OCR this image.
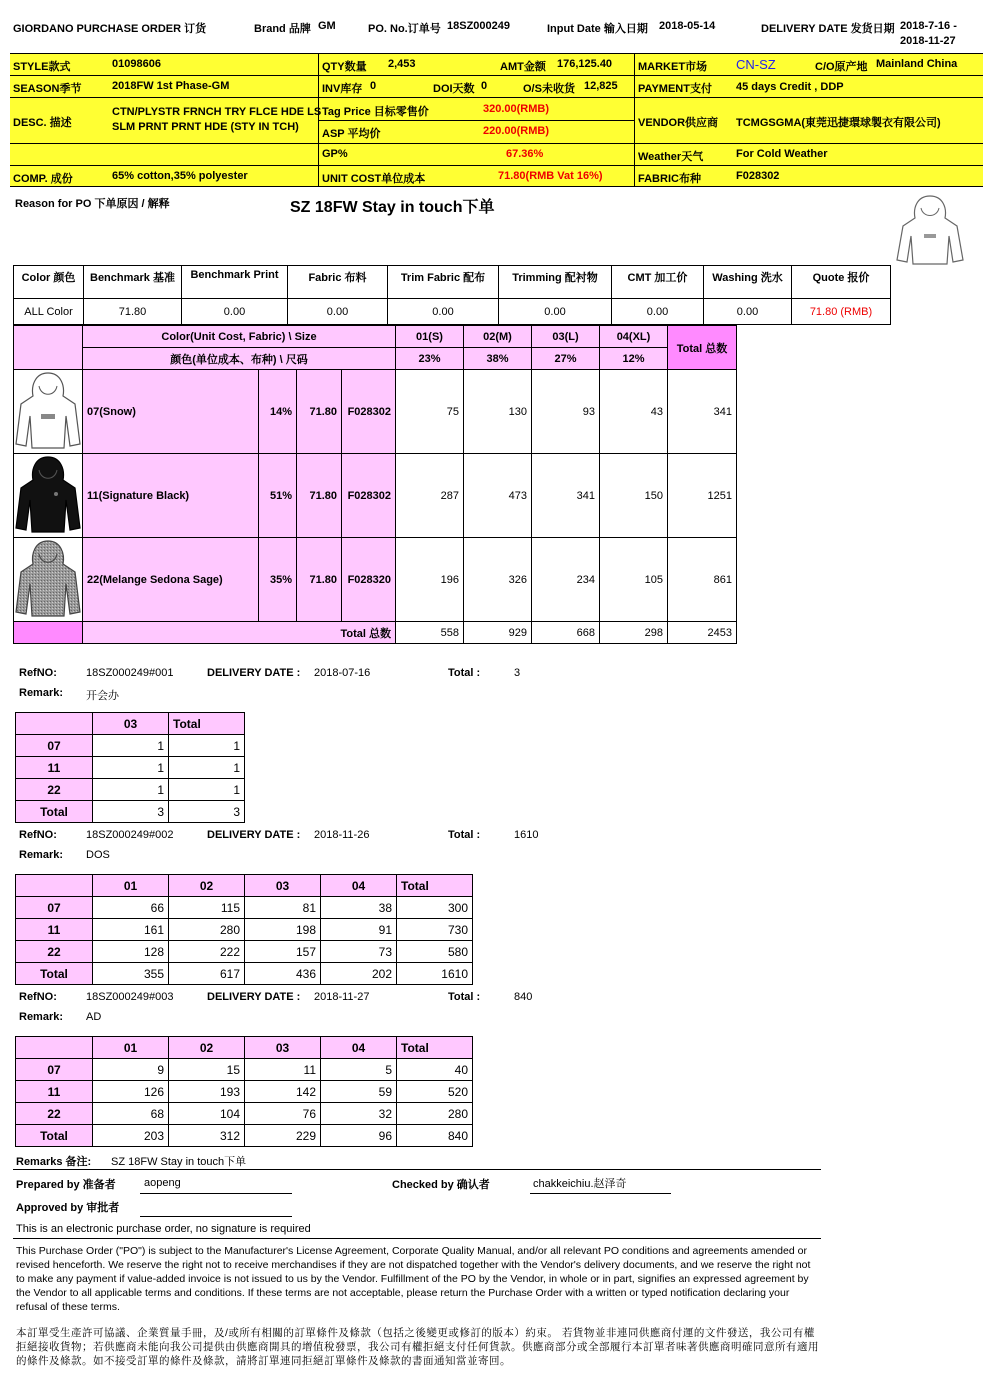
GIORDANO PURCHASE ORDER 订货	Brand 品牌 GM	PO. No.订单号 18SZ000249	Input Date 输入日期 2018-05-14	DELIVERY DATE 发货日期 2018-7-16 -
2018-11-27
STYLE款式	01098606
SEASON季节	2018FW 1st Phase-GM
DESC. 描述
CTN/PLYSTR FRNCH TRY FLCE HDE LS
SLM PRNT PRNT HDE (STY IN TCH)
COMP. 成份	65% cotton,35% polyester
QTY数量 2,453	AMT金额 176,125.40
INV库存 0	DOI天数 0	O/S未收货 12,825
Tag Price 目标零售价	320.00(RMB)
ASP 平均价	220.00(RMB)
GP%	67.36%
UNIT COST单位成本	71.80(RMB Vat 16%)
MARKET市场 CN-SZ	C/O原产地 Mainland China
PAYMENT支付 45 days Credit , DDP
VENDOR供应商 TCMGSGMA(東莞迅捷環球製衣有限公司)
Weather天气	For Cold Weather
FABRIC布种	F028302
Reason for PO 下单原因 / 解释	SZ 18FW Stay in touch下单
Color 颜色	Benchmark 基准	Benchmark Print	Fabric 布料	Trim Fabric 配布	Trimming 配衬物	CMT 加工价	Washing 洗水	Quote 报价
ALL Color	71.80	0.00	0.00	0.00	0.00	0.00	0.00	71.80 (RMB)
	Color(Unit Cost, Fabric) \ Size				01(S)	02(M)	03(L)	04(XL)	Total 总数
	颜色(单位成本、布种) \ 尺码				23%	38%	27%	12%	
	07(Snow)	14%	71.80	F028302	75	130	93	43	341
	11(Signature Black)	51%	71.80	F028302	287	473	341	150	1251
	22(Melange Sedona Sage)	35%	71.80	F028320	196	326	234	105	861
	Total 总数				558	929	668	298	2453
RefNO:	18SZ000249#001	DELIVERY DATE : 2018-07-16	Total :	3
Remark: 开会办
	03	Total
07	1	1
11	1	1
22	1	1
Total	3	3
RefNO:	18SZ000249#002	DELIVERY DATE : 2018-11-26	Total :	1610
Remark: DOS
	01	02	03	04	Total
07	66	115	81	38	300
11	161	280	198	91	730
22	128	222	157	73	580
Total	355	617	436	202	1610
RefNO:	18SZ000249#003	DELIVERY DATE : 2018-11-27	Total :	840
Remark: AD
	01	02	03	04	Total
07	9	15	11	5	40
11	126	193	142	59	520
22	68	104	76	32	280
Total	203	312	229	96	840
Remarks 备注: SZ 18FW Stay in touch下单
Prepared by 准备者	aopeng	Checked by 确认者	chakkeichiu.赵泽奇
Approved by 审批者
This is an electronic purchase order, no signature is required
This Purchase Order ("PO") is subject to the Manufacturer's License Agreement, Corporate Quality Manual, and/or all relevant PO conditions and agreements amended or revised henceforth. We reserve the right not to receive merchandises if they are not dispatched together with the Vendor's delivery documents, and we reserve the right not to make any payment if value-added invoice is not issued to us by the Vendor. Fulfillment of the PO by the Vendor, in whole or in part, signifies an expressed agreement by the Vendor to all applicable terms and conditions. If these terms are not acceptable, please return the Purchase Order with a written or typed notification declaring your refusal of these terms.
本訂單受生產許可協議、企業質量手冊，及/或所有相關的訂單條件及條款（包括之後變更或修訂的版本）約束。 若貨物並非連同供應商付運的文件發送，我公司有權拒絕接收貨物；若供應商未能向我公司提供由供應商開具的增值稅發票，我公司有權拒絕支付任何貨款。供應商部分或全部履行本訂單者味著供應商明確同意所有適用的條件及條款。如不接受訂單的條件及條款，請將訂單連同拒絕訂單條件及條款的書面通知當並寄回。
